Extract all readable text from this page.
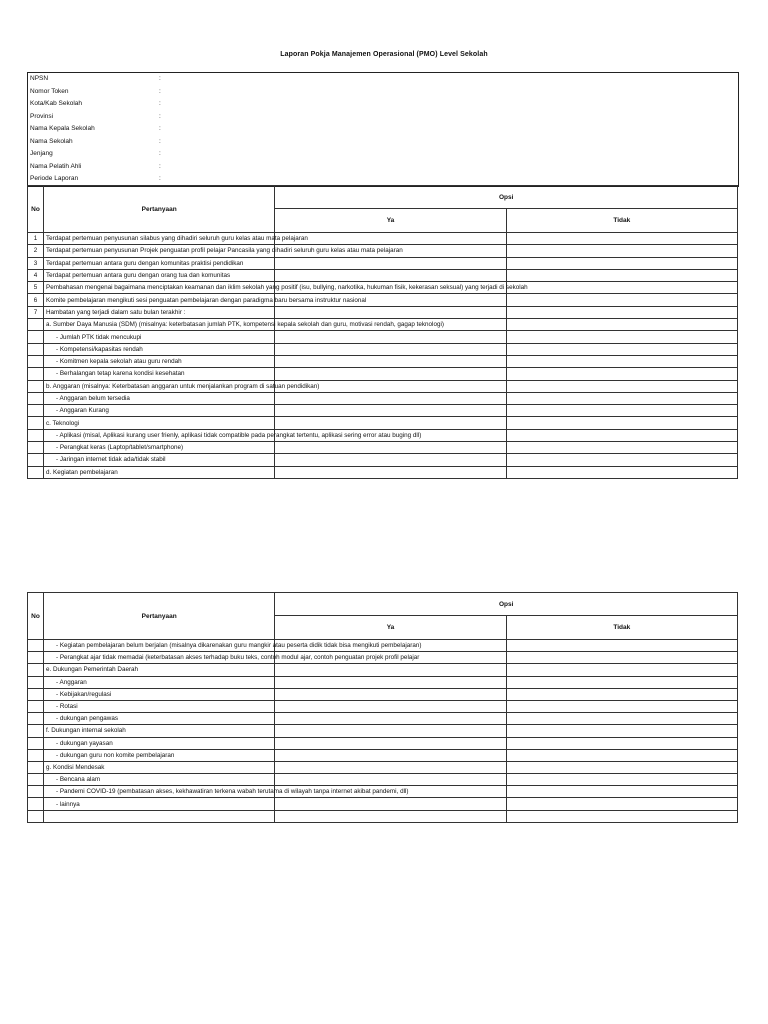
Laporan Pokja Manajemen Operasional (PMO) Level Sekolah
NPSN	:
Nomor Token	:
Kota/Kab Sekolah	:
Provinsi	:
Nama Kepala Sekolah	:
Nama Sekolah	:
Jenjang	:
Nama Pelatih Ahli	:
Periode Laporan	:
No	Pertanyaan	Opsi	
		Ya	Tidak
1	Terdapat pertemuan penyusunan silabus yang dihadiri seluruh guru kelas atau mata pelajaran		
2	Terdapat pertemuan penyusunan Projek penguatan profil pelajar Pancasila yang dihadiri seluruh guru kelas atau mata pelajaran		
3	Terdapat pertemuan antara guru dengan komunitas praktisi pendidikan		
4	Terdapat pertemuan antara guru dengan orang tua dan komunitas		
5	Pembahasan mengenai bagaimana menciptakan keamanan dan iklim sekolah yang positif (isu, bullying, narkotika, hukuman fisik, kekerasan seksual) yang terjadi di sekolah		
6	Komite pembelajaran mengikuti sesi penguatan pembelajaran dengan paradigma baru bersama instruktur nasional		
7	Hambatan yang terjadi dalam satu bulan terakhir :		
	a. Sumber Daya Manusia (SDM) (misalnya: keterbatasan jumlah PTK, kompetensi kepala sekolah dan guru, motivasi rendah, gagap teknologi)		
	- Jumlah PTK tidak mencukupi		
	- Kompetensi/kapasitas rendah		
	- Komitmen kepala sekolah atau guru rendah		
	- Berhalangan tetap karena kondisi kesehatan		
	b. Anggaran (misalnya: Keterbatasan anggaran untuk menjalankan program di satuan pendidikan)		
	- Anggaran belum tersedia		
	- Anggaran Kurang		
	c. Teknologi		
	- Aplikasi (misal, Aplikasi kurang user frienly, aplikasi tidak compatible pada perangkat tertentu, aplikasi sering error atau buging dll)		
	- Perangkat keras (Laptop/tablet/smartphone)		
	- Jaringan internet tidak ada/tidak stabil		
	d. Kegiatan pembelajaran		
No	Pertanyaan	Opsi	
		Ya	Tidak
	- Kegiatan pembelajaran belum berjalan (misalnya dikarenakan guru mangkir atau peserta didik tidak bisa mengikuti pembelajaran)		
	- Perangkat ajar tidak memadai (keterbatasan akses terhadap buku teks, contoh modul ajar, contoh penguatan projek profil pelajar		
	e. Dukungan Pemerintah Daerah		
	- Anggaran		
	- Kebijakan/regulasi		
	- Rotasi		
	- dukungan pengawas		
	f. Dukungan internal sekolah		
	- dukungan yayasan		
	- dukungan guru non komite pembelajaran		
	g. Kondisi Mendesak		
	- Bencana alam		
	- Pandemi COVID-19 (pembatasan akses, kekhawatiran terkena wabah terutama di wilayah tanpa internet akibat pandemi, dll)		
	- lainnya		
